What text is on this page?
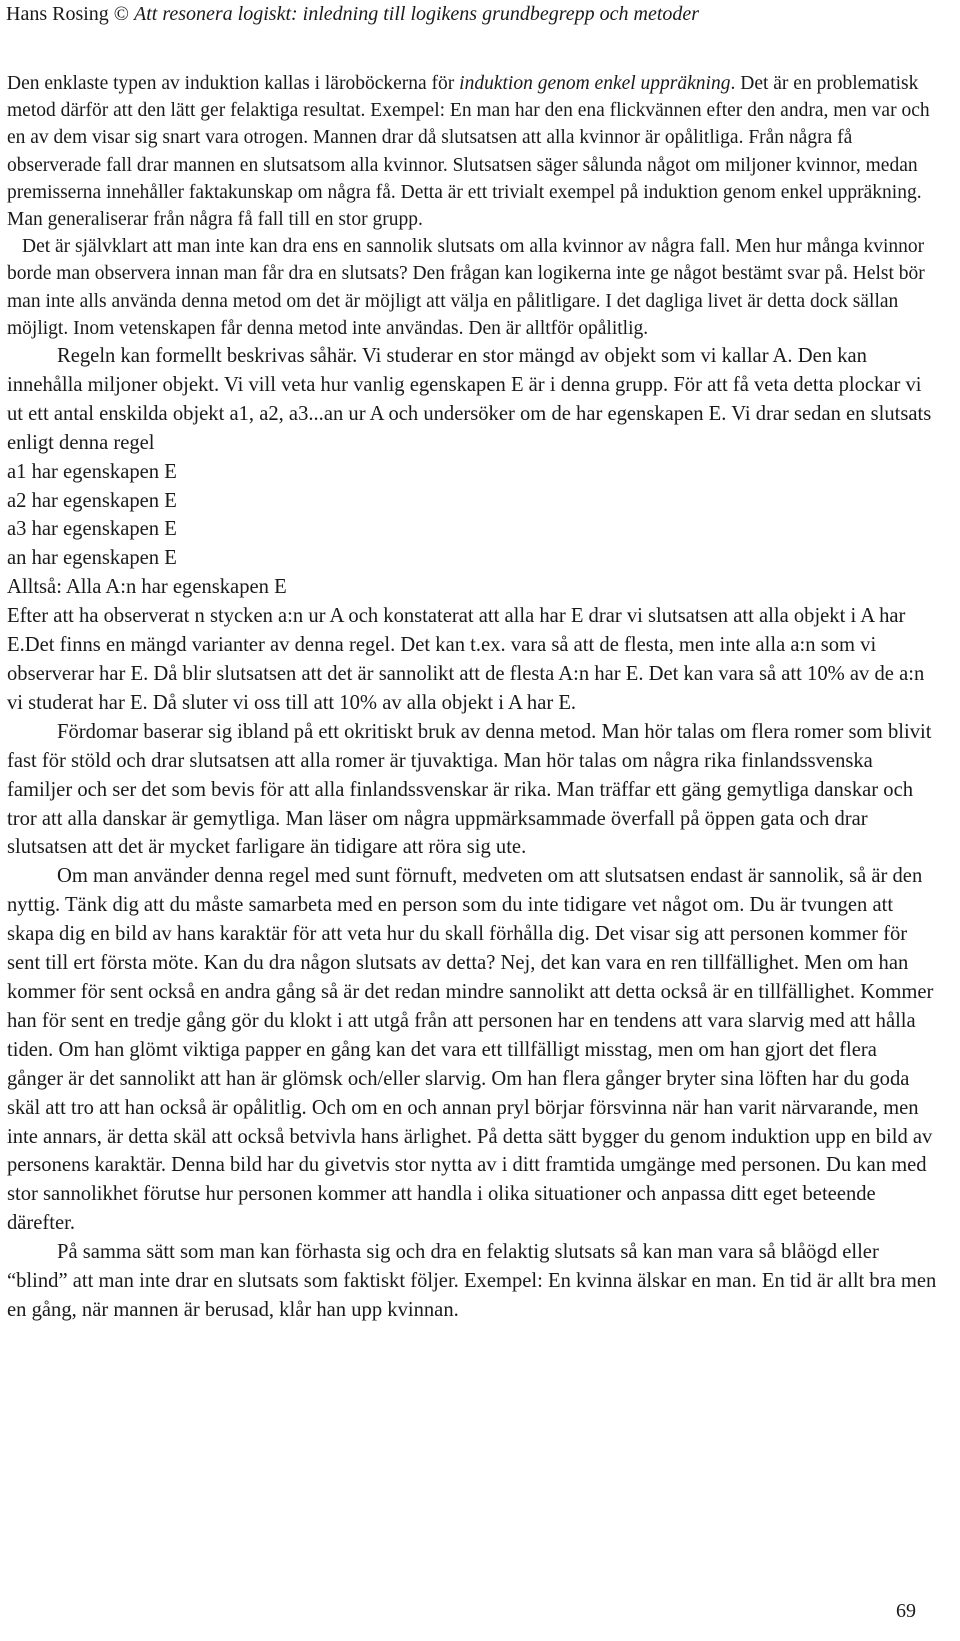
Hans Rosing © Att resonera logiskt: inledning till logikens grundbegrepp och metoder

Den enklaste typen av induktion kallas i läroböckerna för induktion genom enkel uppräkning. Det är en problematisk metod därför att den lätt ger felaktiga resultat. Exempel: En man har den ena flickvännen efter den andra, men var och en av dem visar sig snart vara otrogen. Mannen drar då slutsatsen att alla kvinnor är opålitliga. Från några få observerade fall drar mannen en slutsatsom alla kvinnor. Slutsatsen säger sålunda något om miljoner kvinnor, medan premisserna innehåller faktakunskap om några få. Detta är ett trivialt exempel på induktion genom enkel uppräkning. Man generaliserar från några få fall till en stor grupp.

Det är självklart att man inte kan dra ens en sannolik slutsats om alla kvinnor av några fall. Men hur många kvinnor borde man observera innan man får dra en slutsats? Den frågan kan logikerna inte ge något bestämt svar på. Helst bör man inte alls använda denna metod om det är möjligt att välja en pålitligare. I det dagliga livet är detta dock sällan möjligt. Inom vetenskapen får denna metod inte användas. Den är alltför opålitlig.

Regeln kan formellt beskrivas såhär. Vi studerar en stor mängd av objekt som vi kallar A. Den kan innehålla miljoner objekt. Vi vill veta hur vanlig egenskapen E är i denna grupp. För att få veta detta plockar vi ut ett antal enskilda objekt a1, a2, a3...an ur A och undersöker om de har egenskapen E. Vi drar sedan en slutsats enligt denna regel

a1 har egenskapen E

a2 har egenskapen E

a3 har egenskapen E

an har egenskapen E

Alltså: Alla A:n har egenskapen E

Efter att ha observerat n stycken a:n ur A och konstaterat att alla har E drar vi slutsatsen att alla objekt i A har E.Det finns en mängd varianter av denna regel. Det kan t.ex. vara så att de flesta, men inte alla a:n som vi observerar har E. Då blir slutsatsen att det är sannolikt att de flesta A:n har E. Det kan vara så att 10% av de a:n vi studerat har E. Då sluter vi oss till att 10% av alla objekt i A har E.

Fördomar baserar sig ibland på ett okritiskt bruk av denna metod. Man hör talas om flera romer som blivit fast för stöld och drar slutsatsen att alla romer är tjuvaktiga. Man hör talas om några rika finlandssvenska familjer och ser det som bevis för att alla finlandssvenskar är rika. Man träffar ett gäng gemytliga danskar och tror att alla danskar är gemytliga. Man läser om några uppmärksammade överfall på öppen gata och drar slutsatsen att det är mycket farligare än tidigare att röra sig ute.

Om man använder denna regel med sunt förnuft, medveten om att slutsatsen endast är sannolik, så är den nyttig. Tänk dig att du måste samarbeta med en person som du inte tidigare vet något om. Du är tvungen att skapa dig en bild av hans karaktär för att veta hur du skall förhålla dig. Det visar sig att personen kommer för sent till ert första möte. Kan du dra någon slutsats av detta? Nej, det kan vara en ren tillfällighet. Men om han kommer för sent också en andra gång så är det redan mindre sannolikt att detta också är en tillfällighet. Kommer han för sent en tredje gång gör du klokt i att utgå från att personen har en tendens att vara slarvig med att hålla tiden. Om han glömt viktiga papper en gång kan det vara ett tillfälligt misstag, men om han gjort det flera gånger är det sannolikt att han är glömsk och/eller slarvig. Om han flera gånger bryter sina löften har du goda skäl att tro att han också är opålitlig. Och om en och annan pryl börjar försvinna när han varit närvarande, men inte annars, är detta skäl att också betvivla hans ärlighet. På detta sätt bygger du genom induktion upp en bild av personens karaktär. Denna bild har du givetvis stor nytta av i ditt framtida umgänge med personen. Du kan med stor sannolikhet förutse hur personen kommer att handla i olika situationer och anpassa ditt eget beteende därefter.

På samma sätt som man kan förhasta sig och dra en felaktig slutsats så kan man vara så blåögd eller “blind” att man inte drar en slutsats som faktiskt följer. Exempel: En kvinna älskar en man. En tid är allt bra men en gång, när mannen är berusad, klår han upp kvinnan.

69
